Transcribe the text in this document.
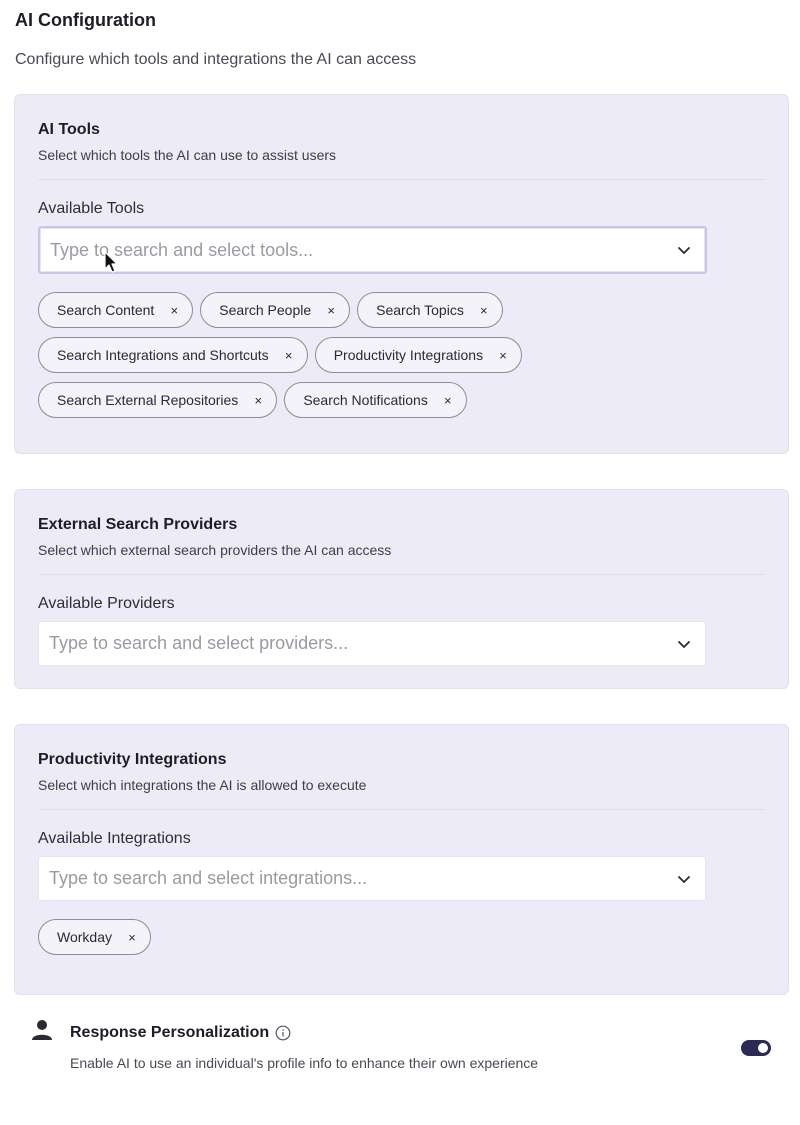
AI Configuration
Configure which tools and integrations the AI can access
AI Tools
Select which tools the AI can use to assist users
Available Tools
Type to search and select tools...
Search Content ×	Search People ×	Search Topics ×
Search Integrations and Shortcuts ×	Productivity Integrations ×
Search External Repositories ×	Search Notifications ×
External Search Providers
Select which external search providers the AI can access
Available Providers
Type to search and select providers...
Productivity Integrations
Select which integrations the AI is allowed to execute
Available Integrations
Type to search and select integrations...
Workday ×
Response Personalization
Enable AI to use an individual's profile info to enhance their own experience
